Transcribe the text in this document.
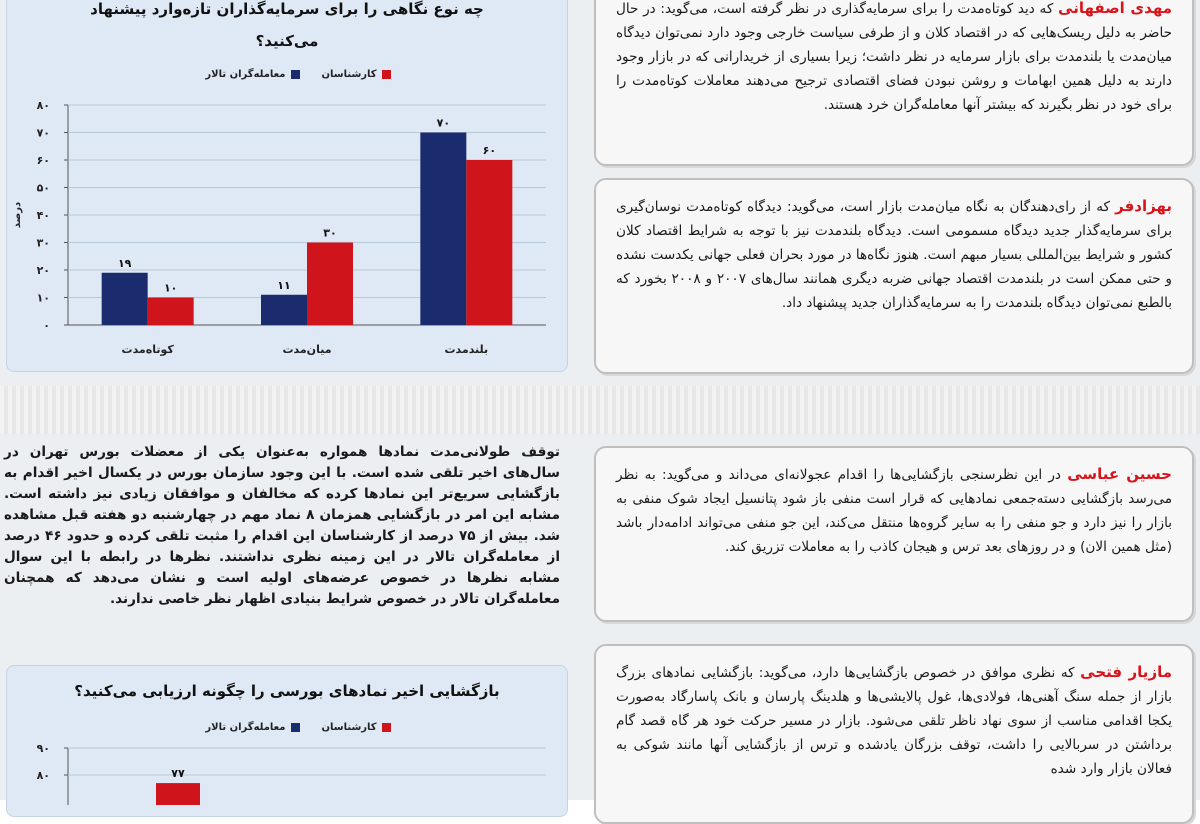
چه نوع نگاهی را برای سرمایه‌گذاران تازه‌وارد پیشنهاد
می‌کنید؟
کارشناسان
معامله‌گران تالار
۰
۱۰
۲۰
۳۰
۴۰
۵۰
۶۰
۷۰
۸۰
درصد
کوتاه‌مدت
۱۹
۱۰
میان‌مدت
۱۱
۳۰
بلندمدت
۷۰
۶۰
بازگشایی اخیر نمادهای بورسی را چگونه ارزیابی می‌کنید؟
کارشناسان
معامله‌گران تالار
۸۰
۹۰
۷۷
مهدی اصفهانی که دید کوتاه‌مدت را برای سرمایه‌گذاری در نظر گرفته است، می‌گوید: در حال حاضر به دلیل ریسک‌هایی که در اقتصاد کلان و از طرفی سیاست خارجی وجود دارد نمی‌توان دیدگاه میان‌مدت یا بلندمدت برای بازار سرمایه در نظر داشت؛ زیرا بسیاری از خریدارانی که در بازار وجود دارند به دلیل همین ابهامات و روشن نبودن فضای اقتصادی ترجیح می‌دهند معاملات کوتاه‌مدت را برای خود در نظر بگیرند که بیشتر آنها معامله‌گران خرد هستند.
بهزادفر که از رای‌دهندگان به نگاه میان‌مدت بازار است، می‌گوید: دیدگاه کوتاه‌مدت نوسان‌گیری برای سرمایه‌گذار جدید دیدگاه مسمومی است. دیدگاه بلندمدت نیز با توجه به شرایط اقتصاد کلان کشور و شرایط بین‌المللی بسیار مبهم است. هنوز نگاه‌ها در مورد بحران فعلی جهانی یکدست نشده و حتی ممکن است در بلندمدت اقتصاد جهانی ضربه دیگری همانند سال‌های ۲۰۰۷ و ۲۰۰۸ بخورد که بالطبع نمی‌توان دیدگاه بلندمدت را به سرمایه‌گذاران جدید پیشنهاد داد.
حسین عباسی در این نظرسنجی بازگشایی‌ها را اقدام عجولانه‌ای می‌داند و می‌گوید: به نظر می‌رسد بازگشایی دسته‌جمعی نمادهایی که قرار است منفی باز شود پتانسیل ایجاد شوک منفی به بازار را نیز دارد و جو منفی را به سایر گروه‌ها منتقل می‌کند، این جو منفی می‌تواند ادامه‌دار باشد (مثل همین الان) و در روزهای بعد ترس و هیجان کاذب را به معاملات تزریق کند.
مازیار فتحی که نظری موافق در خصوص بازگشایی‌ها دارد، می‌گوید: بازگشایی نمادهای بزرگ بازار از جمله سنگ آهنی‌ها، فولادی‌ها، غول پالایشی‌ها و هلدینگ پارسان و بانک پاسارگاد به‌صورت یکجا اقدامی مناسب از سوی نهاد ناظر تلقی می‌شود. بازار در مسیر حرکت خود هر گاه قصد گام برداشتن در سربالایی را داشت، توقف بزرگان یادشده و ترس از بازگشایی آنها مانند شوکی به فعالان بازار وارد شده
توقف طولانی‌مدت نمادها همواره به‌عنوان یکی از معضلات بورس تهران در سال‌های اخیر تلقی شده است. با این وجود سازمان بورس در یکسال اخیر اقدام به بازگشایی سریع‌تر این نمادها کرده که مخالفان و موافقان زیادی نیز داشته است. مشابه این امر در بازگشایی همزمان ۸ نماد مهم در چهارشنبه دو هفته قبل مشاهده شد. بیش از ۷۵ درصد از کارشناسان این اقدام را مثبت تلقی کرده و حدود ۴۶ درصد از معامله‌گران تالار در این زمینه نظری نداشتند. نظرها در رابطه با این سوال مشابه نظرها در خصوص عرضه‌های اولیه است و نشان می‌دهد که همچنان معامله‌گران تالار در خصوص شرایط بنیادی اظهار نظر خاصی ندارند.
